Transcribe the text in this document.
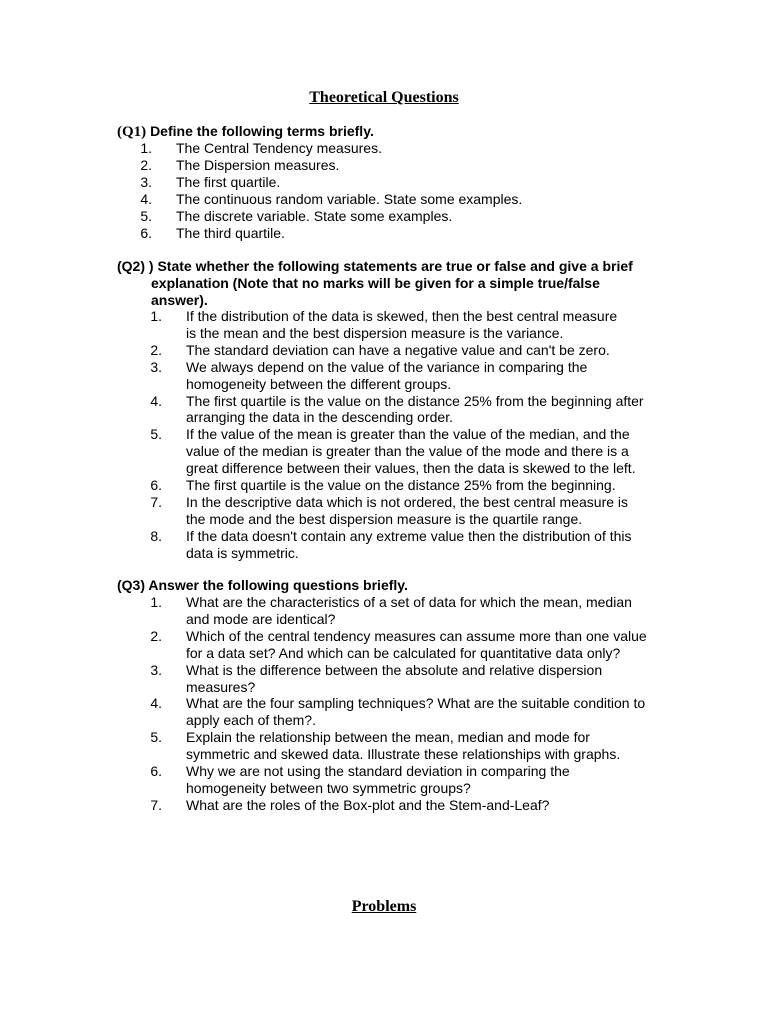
Theoretical Questions
(Q1) Define the following terms briefly.
1.	The Central Tendency measures.
2.	The Dispersion measures.
3.	The first quartile.
4.	The continuous random variable. State some examples.
5.	The discrete variable. State some examples.
6.	The third quartile.
(Q2) ) State whether the following statements are true or false and give a brief
explanation (Note that no marks will be given for a simple true/false
answer).
1.	If the distribution of the data is skewed, then the best central measure
is the mean and the best dispersion measure is the variance.
2.	The standard deviation can have a negative value and can't be zero.
3.	We always depend on the value of the variance in comparing the
homogeneity between the different groups.
4.	The first quartile is the value on the distance 25% from the beginning after
arranging the data in the descending order.
5.	If the value of the mean is greater than the value of the median, and the
value of the median is greater than the value of the mode and there is a
great difference between their values, then the data is skewed to the left.
6.	The first quartile is the value on the distance 25% from the beginning.
7.	In the descriptive data which is not ordered, the best central measure is
the mode and the best dispersion measure is the quartile range.
8.	If the data doesn't contain any extreme value then the distribution of this
data is symmetric.
(Q3) Answer the following questions briefly.
1.	What are the characteristics of a set of data for which the mean, median
and mode are identical?
2.	Which of the central tendency measures can assume more than one value
for a data set? And which can be calculated for quantitative data only?
3.	What is the difference between the absolute and relative dispersion
measures?
4.	What are the four sampling techniques? What are the suitable condition to
apply each of them?.
5.	Explain the relationship between the mean, median and mode for
symmetric and skewed data. Illustrate these relationships with graphs.
6.	Why we are not using the standard deviation in comparing the
homogeneity between two symmetric groups?
7.	What are the roles of the Box-plot and the Stem-and-Leaf?
Problems
